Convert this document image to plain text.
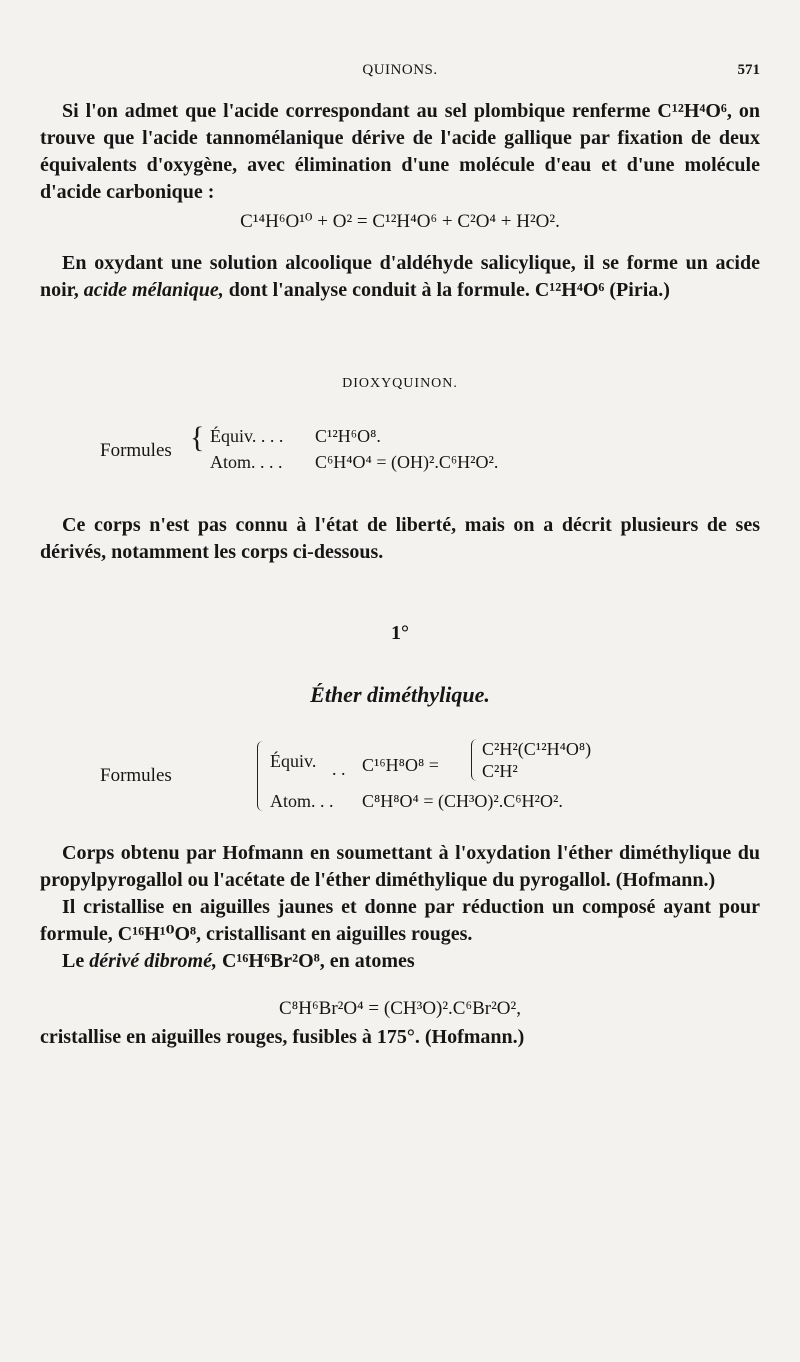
QUINONS.	571
Si l'on admet que l'acide correspondant au sel plombique renferme C¹²H⁴O⁶, on trouve que l'acide tannomélanique dérive de l'acide gallique par fixation de deux équivalents d'oxygène, avec élimination d'une molécule d'eau et d'une molécule d'acide carbonique :
C¹⁴H⁶O¹⁰ + O² = C¹²H⁴O⁶ + C²O⁴ + H²O².
En oxydant une solution alcoolique d'aldéhyde salicylique, il se forme un acide noir, acide mélanique, dont l'analyse conduit à la formule. C¹²H⁴O⁶ (Piria.)
DIOXYQUINON.
Formules { Équiv. . . . C¹²H⁶O⁸.
Atom. . . . C⁶H⁴O⁴ = (OH)².C⁶H²O².
Ce corps n'est pas connu à l'état de liberté, mais on a décrit plusieurs de ses dérivés, notamment les corps ci-dessous.
1°
Éther diméthylique.
Formules
Équiv. . . C¹⁶H⁸O⁸ =
C²H²(C¹²H⁴O⁸)
C²H²
Atom. . . C⁸H⁸O⁴ = (CH³O)².C⁶H²O².
Corps obtenu par Hofmann en soumettant à l'oxydation l'éther diméthylique du propylpyrogallol ou l'acétate de l'éther diméthylique du pyrogallol. (Hofmann.)
Il cristallise en aiguilles jaunes et donne par réduction un composé ayant pour formule, C¹⁶H¹⁰O⁸, cristallisant en aiguilles rouges.
Le dérivé dibromé, C¹⁶H⁶Br²O⁸, en atomes
C⁸H⁶Br²O⁴ = (CH³O)².C⁶Br²O²,
cristallise en aiguilles rouges, fusibles à 175°. (Hofmann.)
